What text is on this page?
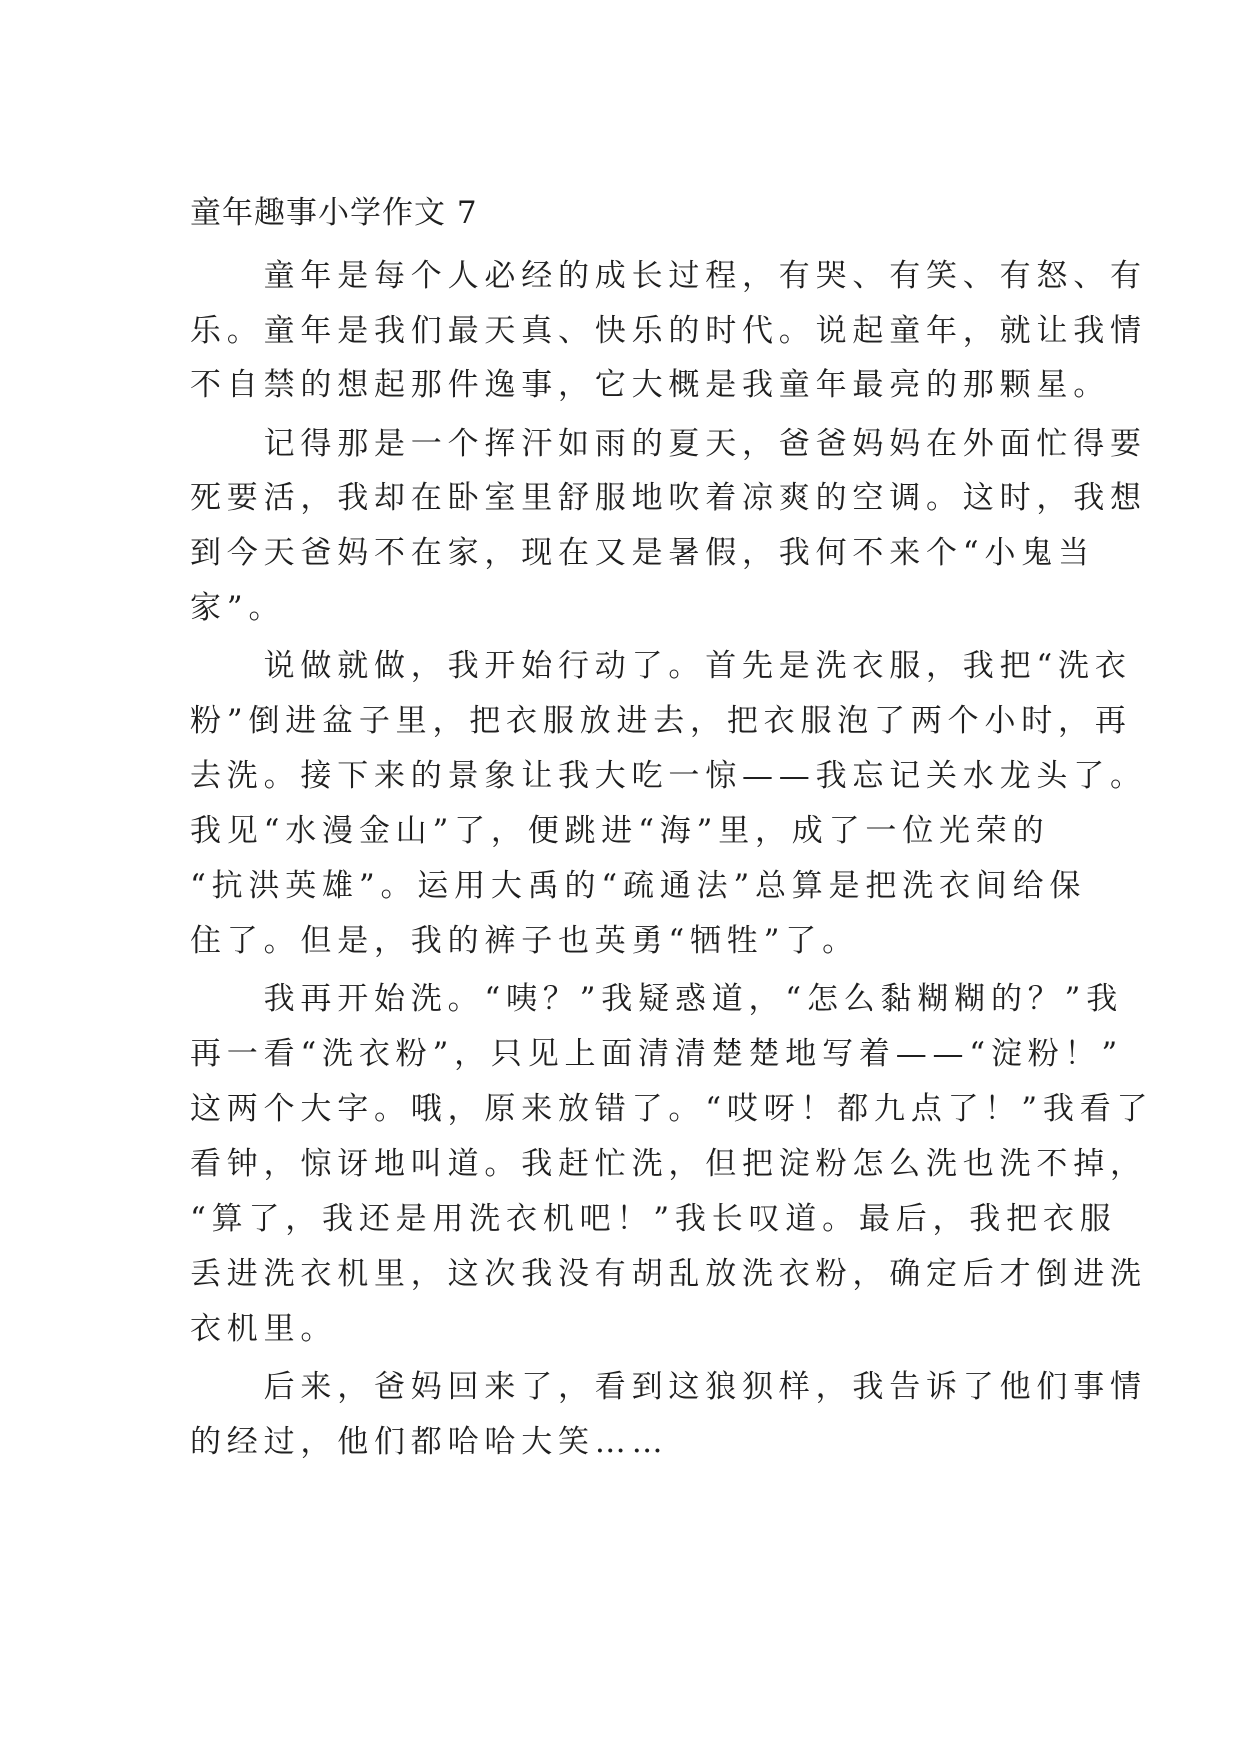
童年趣事小学作文 7
　　童年是每个人必经的成长过程，有哭、有笑、有怒、有
乐。童年是我们最天真、快乐的时代。说起童年，就让我情
不自禁的想起那件逸事，它大概是我童年最亮的那颗星。
　　记得那是一个挥汗如雨的夏天，爸爸妈妈在外面忙得要
死要活，我却在卧室里舒服地吹着凉爽的空调。这时，我想
到今天爸妈不在家，现在又是暑假，我何不来个“小鬼当
家”。
　　说做就做，我开始行动了。首先是洗衣服，我把“洗衣
粉”倒进盆子里，把衣服放进去，把衣服泡了两个小时，再
去洗。接下来的景象让我大吃一惊——我忘记关水龙头了。
我见“水漫金山”了，便跳进“海”里，成了一位光荣的
“抗洪英雄”。运用大禹的“疏通法”总算是把洗衣间给保
住了。但是，我的裤子也英勇“牺牲”了。
　　我再开始洗。“咦？”我疑惑道，“怎么黏糊糊的？”我
再一看“洗衣粉”，只见上面清清楚楚地写着——“淀粉！”
这两个大字。哦，原来放错了。“哎呀！都九点了！”我看了
看钟，惊讶地叫道。我赶忙洗，但把淀粉怎么洗也洗不掉，
“算了，我还是用洗衣机吧！”我长叹道。最后，我把衣服
丢进洗衣机里，这次我没有胡乱放洗衣粉，确定后才倒进洗
衣机里。
　　后来，爸妈回来了，看到这狼狈样，我告诉了他们事情
的经过，他们都哈哈大笑……
